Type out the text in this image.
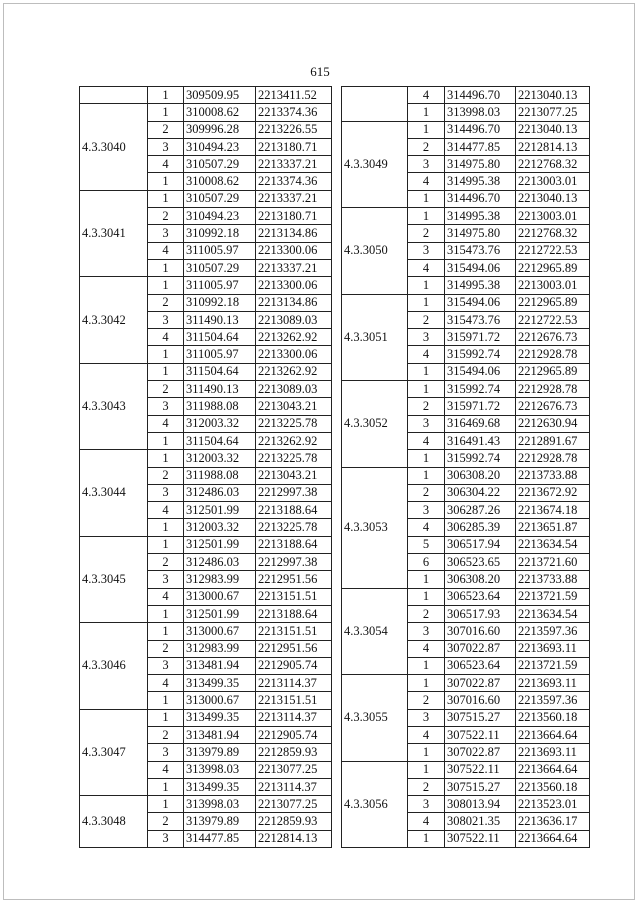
615
	1	309509.95	2213411.52
4.3.3040	1	310008.62	2213374.36
	2	309996.28	2213226.55
	3	310494.23	2213180.71
	4	310507.29	2213337.21
	1	310008.62	2213374.36
4.3.3041	1	310507.29	2213337.21
	2	310494.23	2213180.71
	3	310992.18	2213134.86
	4	311005.97	2213300.06
	1	310507.29	2213337.21
4.3.3042	1	311005.97	2213300.06
	2	310992.18	2213134.86
	3	311490.13	2213089.03
	4	311504.64	2213262.92
	1	311005.97	2213300.06
4.3.3043	1	311504.64	2213262.92
	2	311490.13	2213089.03
	3	311988.08	2213043.21
	4	312003.32	2213225.78
	1	311504.64	2213262.92
4.3.3044	1	312003.32	2213225.78
	2	311988.08	2213043.21
	3	312486.03	2212997.38
	4	312501.99	2213188.64
	1	312003.32	2213225.78
4.3.3045	1	312501.99	2213188.64
	2	312486.03	2212997.38
	3	312983.99	2212951.56
	4	313000.67	2213151.51
	1	312501.99	2213188.64
4.3.3046	1	313000.67	2213151.51
	2	312983.99	2212951.56
	3	313481.94	2212905.74
	4	313499.35	2213114.37
	1	313000.67	2213151.51
4.3.3047	1	313499.35	2213114.37
	2	313481.94	2212905.74
	3	313979.89	2212859.93
	4	313998.03	2213077.25
	1	313499.35	2213114.37
4.3.3048	1	313998.03	2213077.25
	2	313979.89	2212859.93
	3	314477.85	2212814.13
	4	314496.70	2213040.13
	1	313998.03	2213077.25
4.3.3049	1	314496.70	2213040.13
	2	314477.85	2212814.13
	3	314975.80	2212768.32
	4	314995.38	2213003.01
	1	314496.70	2213040.13
4.3.3050	1	314995.38	2213003.01
	2	314975.80	2212768.32
	3	315473.76	2212722.53
	4	315494.06	2212965.89
	1	314995.38	2213003.01
4.3.3051	1	315494.06	2212965.89
	2	315473.76	2212722.53
	3	315971.72	2212676.73
	4	315992.74	2212928.78
	1	315494.06	2212965.89
4.3.3052	1	315992.74	2212928.78
	2	315971.72	2212676.73
	3	316469.68	2212630.94
	4	316491.43	2212891.67
	1	315992.74	2212928.78
4.3.3053	1	306308.20	2213733.88
	2	306304.22	2213672.92
	3	306287.26	2213674.18
	4	306285.39	2213651.87
	5	306517.94	2213634.54
	6	306523.65	2213721.60
	1	306308.20	2213733.88
4.3.3054	1	306523.64	2213721.59
	2	306517.93	2213634.54
	3	307016.60	2213597.36
	4	307022.87	2213693.11
	1	306523.64	2213721.59
4.3.3055	1	307022.87	2213693.11
	2	307016.60	2213597.36
	3	307515.27	2213560.18
	4	307522.11	2213664.64
	1	307022.87	2213693.11
4.3.3056	1	307522.11	2213664.64
	2	307515.27	2213560.18
	3	308013.94	2213523.01
	4	308021.35	2213636.17
	1	307522.11	2213664.64
